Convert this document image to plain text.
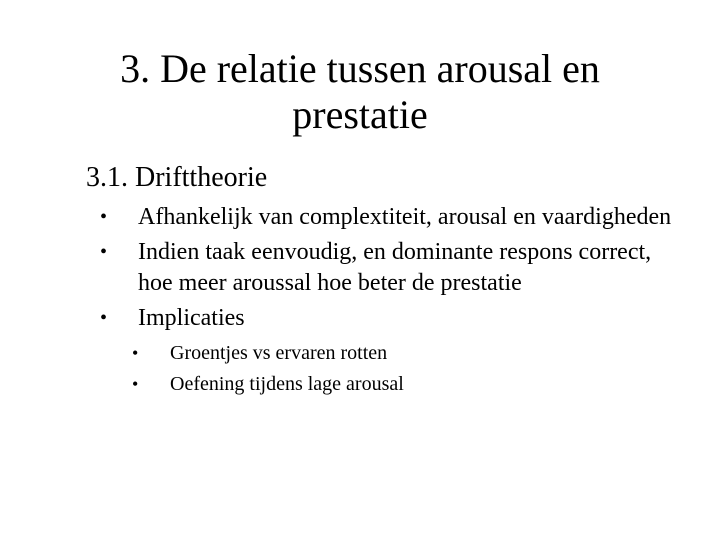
3. De relatie tussen arousal en
prestatie
3.1. Drifttheorie
• Afhankelijk van complextiteit, arousal en vaardigheden
• Indien taak eenvoudig, en dominante respons correct, hoe meer aroussal hoe beter de prestatie
• Implicaties
• Groentjes vs ervaren rotten
• Oefening tijdens lage arousal
